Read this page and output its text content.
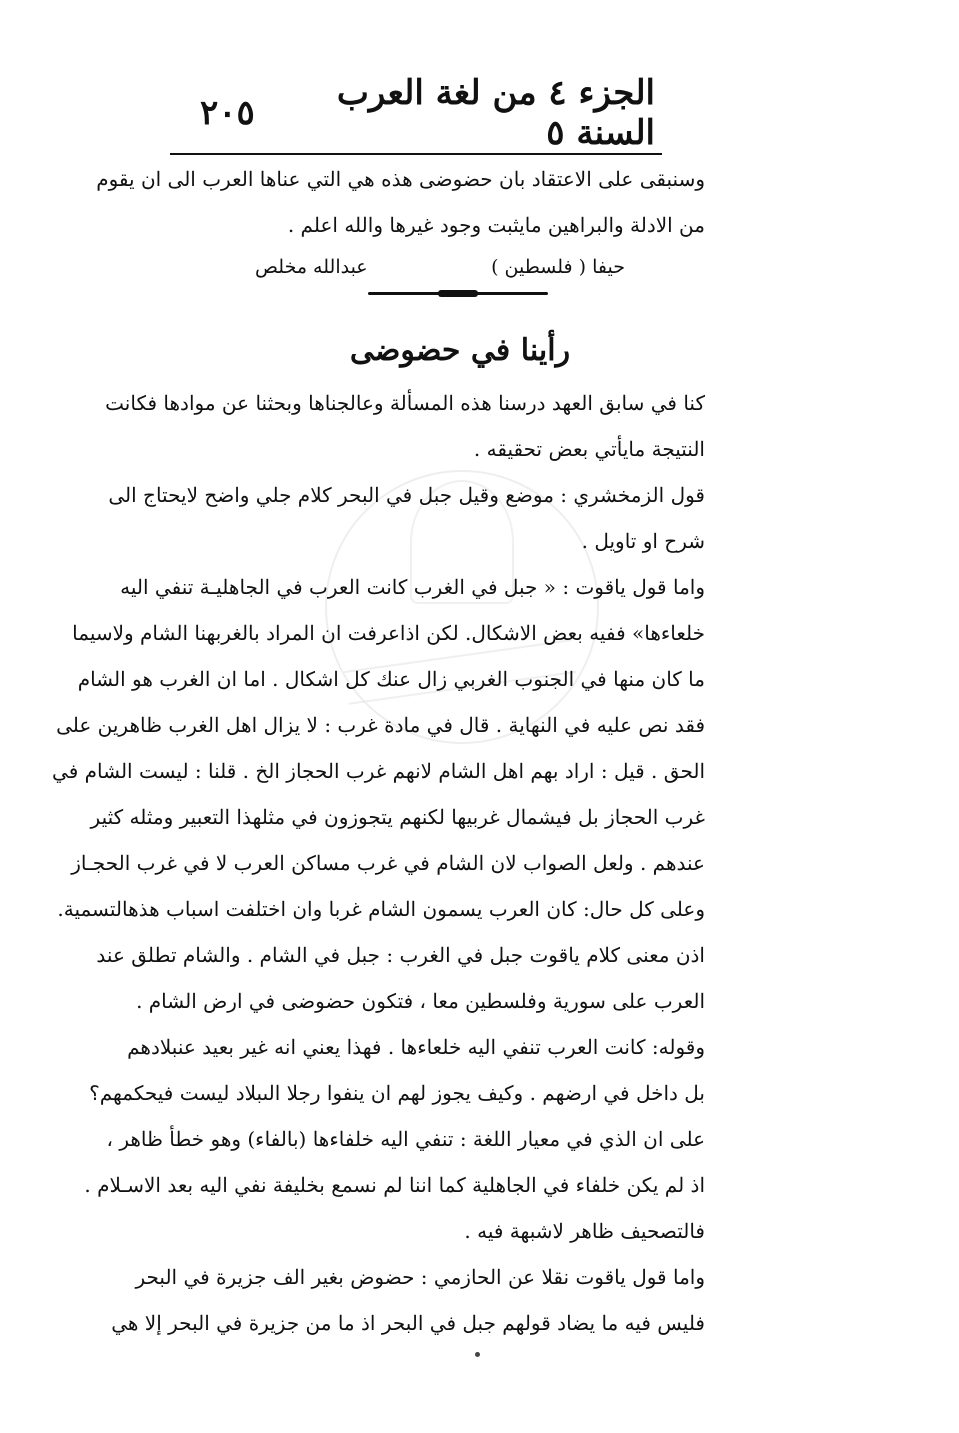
الجزء ٤ من لغة العرب السنة ٥
٢٠٥
وسنبقى على الاعتقاد بان حضوضى هذه هي التي عناها العرب الى ان يقوم
من الادلة والبراهين مايثبت وجود غيرها والله اعلم .
حيفا ( فلسطين )
عبدالله مخلص
رأينا في حضوضى
كنا في سابق العهد درسنا هذه المسألة وعالجناها وبحثنا عن موادها فكانت
النتيجة مايأتي بعض تحقيقه .
قول الزمخشري : موضع وقيل جبل في البحر كلام جلي واضح لايحتاج الى
شرح او تاويل .
واما قول ياقوت : « جبل في الغرب كانت العرب في الجاهليـة تنفي اليه
خلعاءها» ففيه بعض الاشكال. لكن اذاعرفت ان المراد بالغربهنا الشام ولاسيما
ما كان منها في الجنوب الغربي زال عنك كل اشكال . اما ان الغرب هو الشام
فقد نص عليه في النهاية . قال في مادة غرب : لا يزال اهل الغرب ظاهرين على
الحق . قيل : اراد بهم اهل الشام لانهم غرب الحجاز الخ . قلنا : ليست الشام في
غرب الحجاز بل فيشمال غربيها لكنهم يتجوزون في مثلهذا التعبير ومثله كثير
عندهم . ولعل الصواب لان الشام في غرب مساكن العرب لا في غرب الحجـاز
وعلى كل حال: كان العرب يسمون الشام غربا وان اختلفت اسباب هذهالتسمية.
اذن معنى كلام ياقوت جبل في الغرب : جبل في الشام . والشام تطلق عند
العرب على سورية وفلسطين معا ، فتكون حضوضى في ارض الشام .
وقوله: كانت العرب تنفي اليه خلعاءها . فهذا يعني انه غير بعيد عنبلادهم
بل داخل في ارضهم . وكيف يجوز لهم ان ينفوا رجلا الىبلاد ليست فيحكمهم؟
على ان الذي في معيار اللغة : تنفي اليه خلفاءها (بالفاء) وهو خطأ ظاهر ،
اذ لم يكن خلفاء في الجاهلية كما اننا لم نسمع بخليفة نفي اليه بعد الاسـلام .
فالتصحيف ظاهر لاشبهة فيه .
واما قول ياقوت نقلا عن الحازمي : حضوض بغير الف جزيرة في البحر
فليس فيه ما يضاد قولهم جبل في البحر اذ ما من جزيرة في البحر إلا هي
